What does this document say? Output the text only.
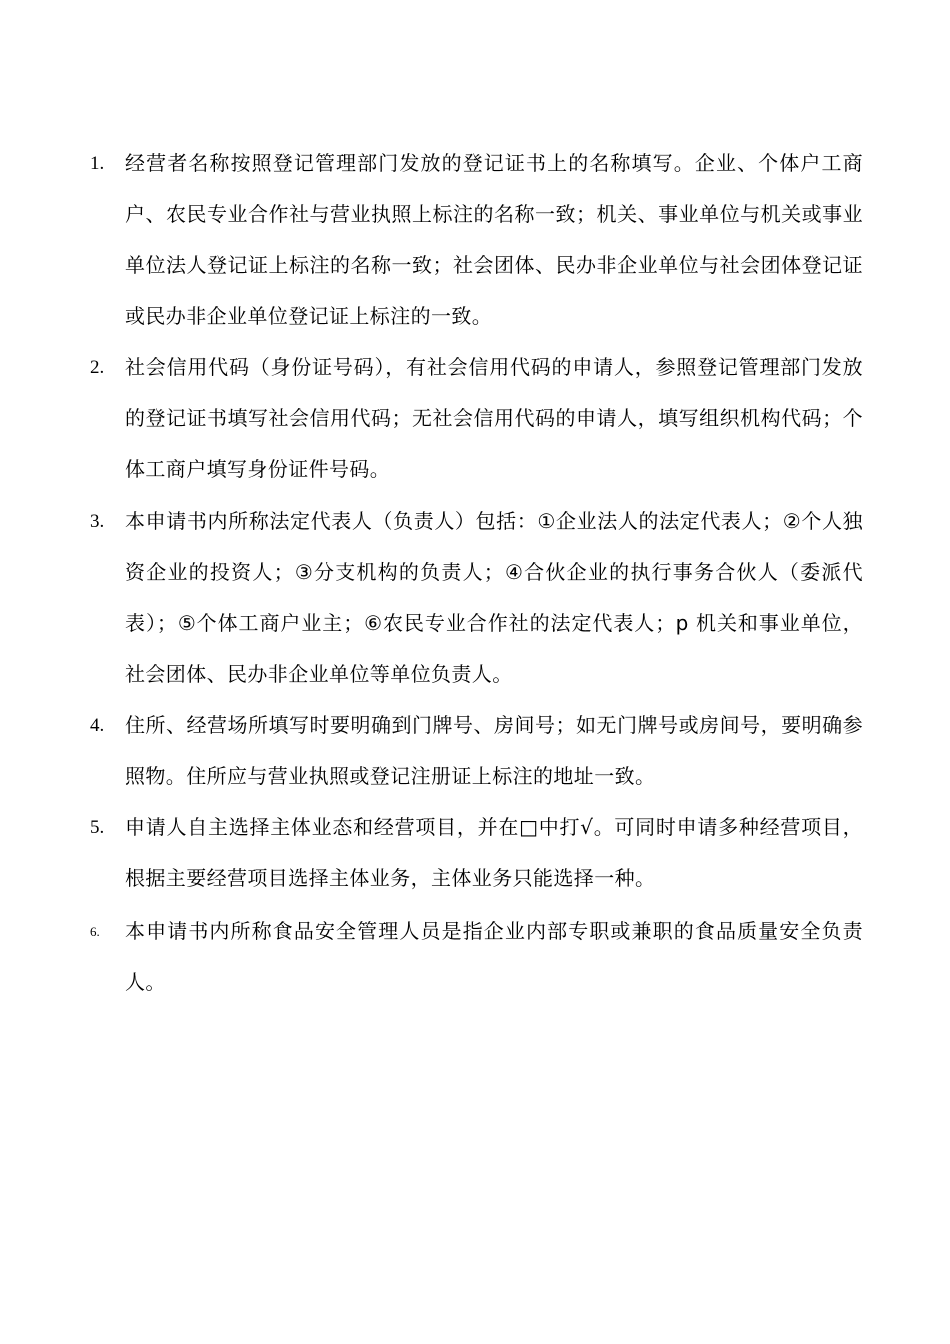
1.	经营者名称按照登记管理部门发放的登记证书上的名称填写。企业、个体户工商户、农民专业合作社与营业执照上标注的名称一致；机关、事业单位与机关或事业单位法人登记证上标注的名称一致；社会团体、民办非企业单位与社会团体登记证或民办非企业单位登记证上标注的一致。
2.	社会信用代码（身份证号码），有社会信用代码的申请人，参照登记管理部门发放的登记证书填写社会信用代码；无社会信用代码的申请人，填写组织机构代码；个体工商户填写身份证件号码。
3.	本申请书内所称法定代表人（负责人）包括：①企业法人的法定代表人；②个人独资企业的投资人；③分支机构的负责人；④合伙企业的执行事务合伙人（委派代表）；⑤个体工商户业主；⑥农民专业合作社的法定代表人；p 机关和事业单位，社会团体、民办非企业单位等单位负责人。
4.	住所、经营场所填写时要明确到门牌号、房间号；如无门牌号或房间号，要明确参照物。住所应与营业执照或登记注册证上标注的地址一致。
5.	申请人自主选择主体业态和经营项目，并在□中打√。可同时申请多种经营项目，根据主要经营项目选择主体业务，主体业务只能选择一种。
6.	本申请书内所称食品安全管理人员是指企业内部专职或兼职的食品质量安全负责人。
